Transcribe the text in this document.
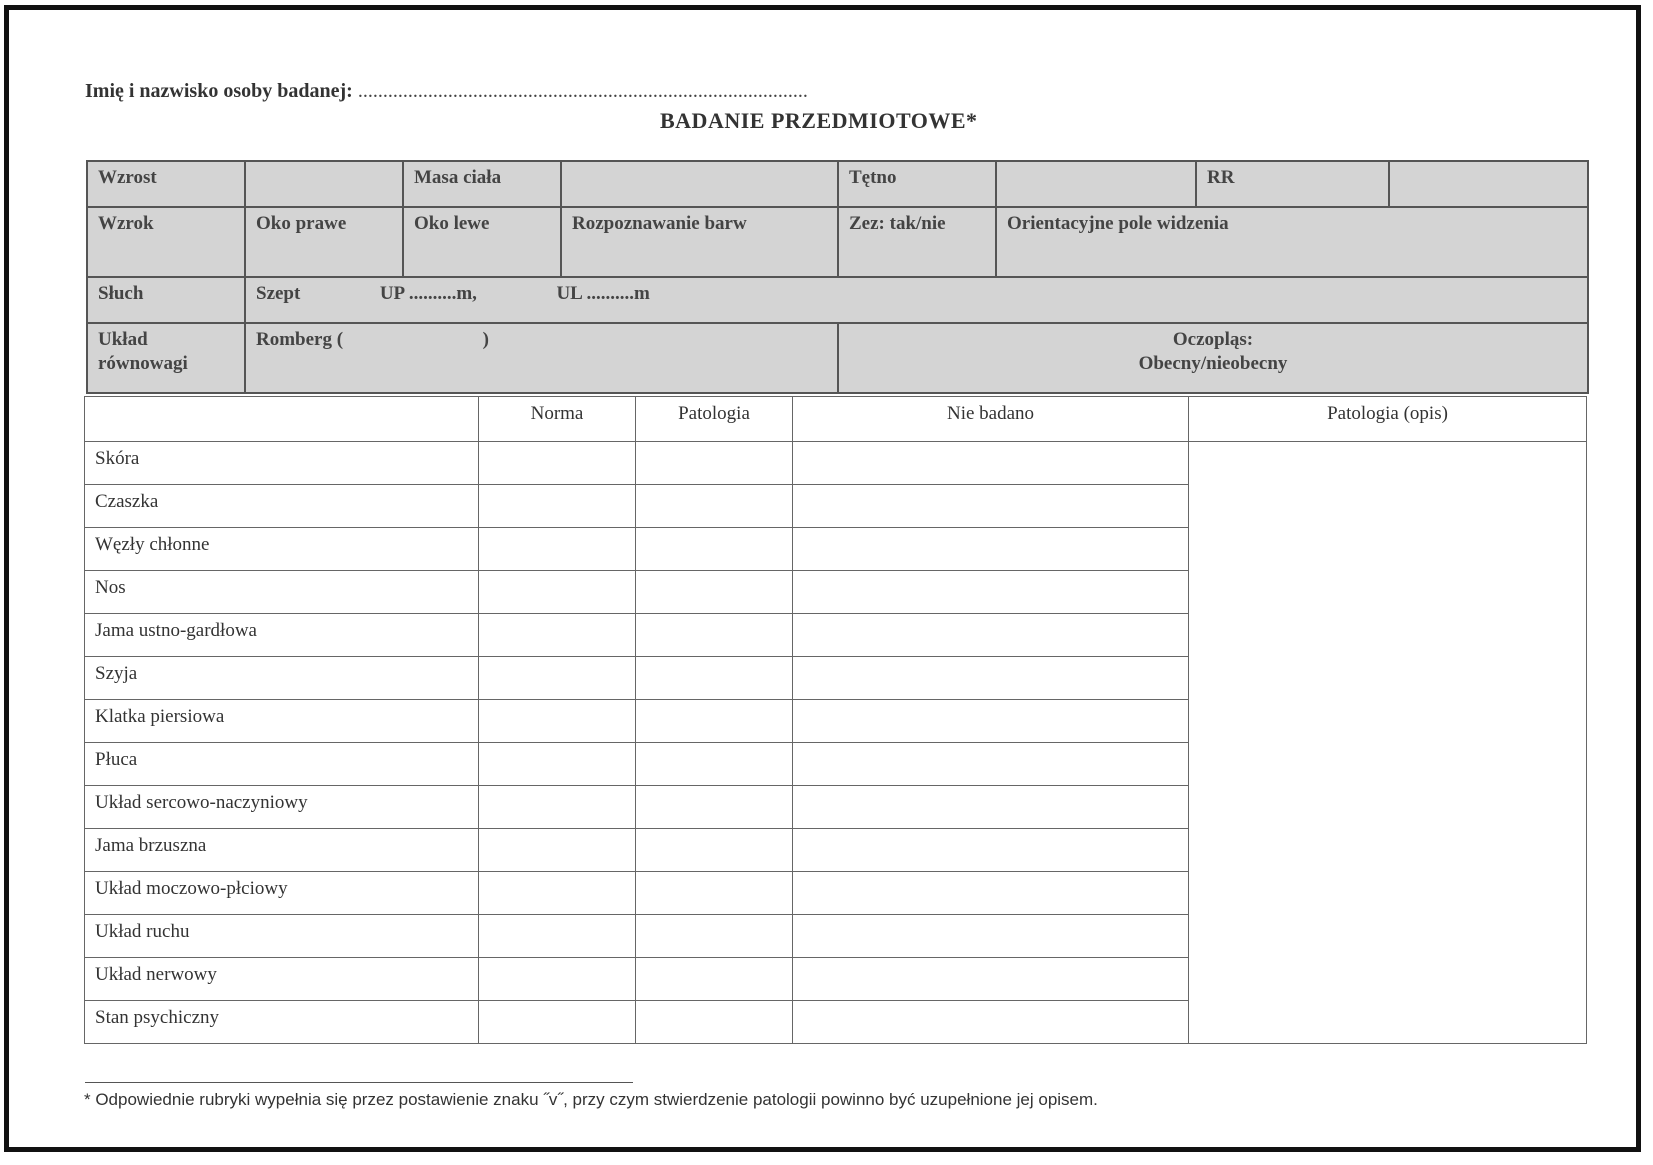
Imię i nazwisko osoby badanej: ..........................................................................................
BADANIE PRZEDMIOTOWE*
Wzrost		Masa ciała		Tętno		RR	
Wzrok	Oko prawe	Oko lewe	Rozpoznawanie barw	Zez: tak/nie	Orientacyjne pole widzenia		
Słuch	Szept UP ..........m, UL ..........m						
Układ równowagi	Romberg ( )			Oczopląs:
Obecny/nieobecny			
	Norma	Patologia	Nie badano	Patologia (opis)
Skóra				
Czaszka				
Węzły chłonne				
Nos				
Jama ustno-gardłowa				
Szyja				
Klatka piersiowa				
Płuca				
Układ sercowo-naczyniowy				
Jama brzuszna				
Układ moczowo-płciowy				
Układ ruchu				
Układ nerwowy				
Stan psychiczny				
* Odpowiednie rubryki wypełnia się przez postawienie znaku ˝v˝, przy czym stwierdzenie patologii powinno być uzupełnione jej opisem.
